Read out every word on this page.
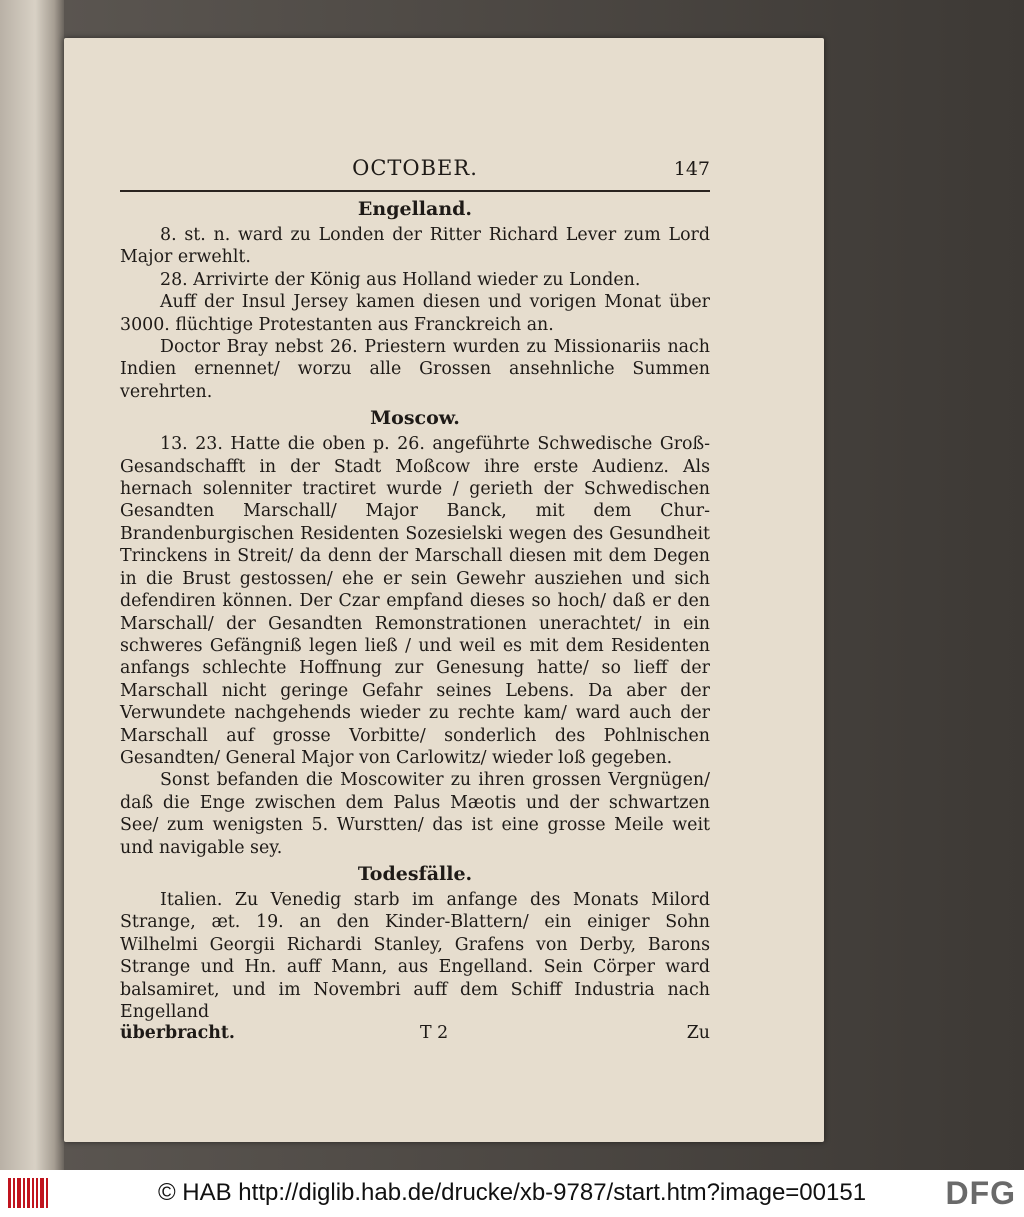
OCTOBER.	147
Engelland.

8. st. n. ward zu Londen der Ritter Richard Lever zum Lord Major erwehlt.

28. Arrivirte der König aus Holland wieder zu Londen.

Auff der Insul Jersey kamen diesen und vorigen Monat über 3000. flüchtige Protestanten aus Franckreich an.

Doctor Bray nebst 26. Priestern wurden zu Missionariis nach Indien ernennet/ worzu alle Grossen ansehnliche Summen verehrten.

Moscow.

13. 23. Hatte die oben p. 26. angeführte Schwedische Groß-Gesandschafft in der Stadt Moßcow ihre erste Audienz. Als hernach solenniter tractiret wurde / gerieth der Schwedischen Gesandten Marschall/ Major Banck, mit dem Chur-Brandenburgischen Residenten Sozesielski wegen des Gesundheit Trinckens in Streit/ da denn der Marschall diesen mit dem Degen in die Brust gestossen/ ehe er sein Gewehr ausziehen und sich defendiren können. Der Czar empfand dieses so hoch/ daß er den Marschall/ der Gesandten Remonstrationen unerachtet/ in ein schweres Gefängniß legen ließ / und weil es mit dem Residenten anfangs schlechte Hoffnung zur Genesung hatte/ so lieff der Marschall nicht geringe Gefahr seines Lebens. Da aber der Verwundete nachgehends wieder zu rechte kam/ ward auch der Marschall auf grosse Vorbitte/ sonderlich des Pohlnischen Gesandten/ General Major von Carlowitz/ wieder loß gegeben.

Sonst befanden die Moscowiter zu ihren grossen Vergnügen/ daß die Enge zwischen dem Palus Mæotis und der schwartzen See/ zum wenigsten 5. Wurstten/ das ist eine grosse Meile weit und navigable sey.

Todesfälle.

Italien. Zu Venedig starb im anfange des Monats Milord Strange, æt. 19. an den Kinder-Blattern/ ein einiger Sohn Wilhelmi Georgii Richardi Stanley, Grafens von Derby, Barons Strange und Hn. auff Mann, aus Engelland. Sein Cörper ward balsamiret, und im Novembri auff dem Schiff Industria nach Engelland

überbracht.	T 2	Zu
© HAB http://diglib.hab.de/drucke/xb-9787/start.htm?image=00151	DFG
